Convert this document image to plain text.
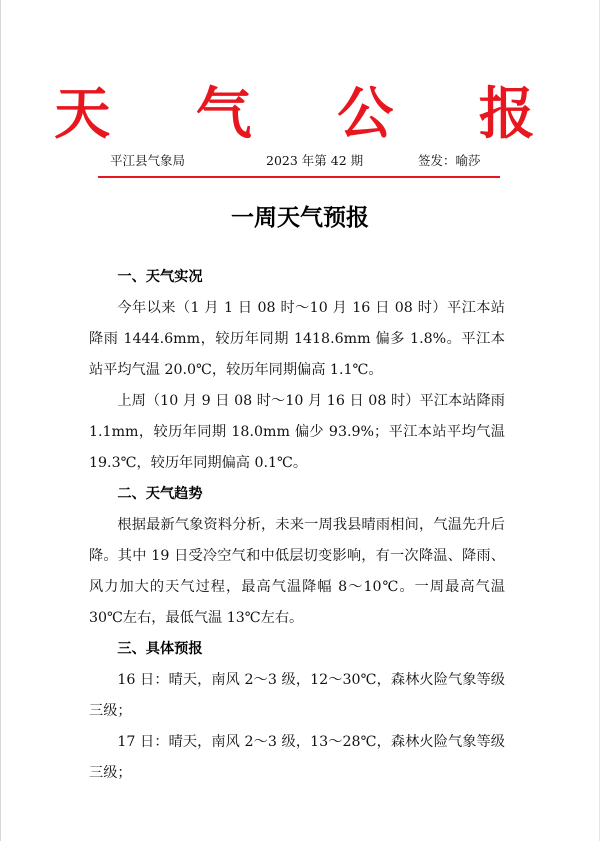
天 气 公 报
平江县气象局	2023 年第 42 期	签发：喻莎
一周天气预报

一、天气实况

今年以来（1 月 1 日 08 时～10 月 16 日 08 时）平江本站降雨 1444.6mm，较历年同期 1418.6mm 偏多 1.8%。平江本站平均气温 20.0℃，较历年同期偏高 1.1℃。

上周（10 月 9 日 08 时～10 月 16 日 08 时）平江本站降雨 1.1mm，较历年同期 18.0mm 偏少 93.9%；平江本站平均气温 19.3℃，较历年同期偏高 0.1℃。

二、天气趋势

根据最新气象资料分析，未来一周我县晴雨相间，气温先升后降。其中 19 日受冷空气和中低层切变影响，有一次降温、降雨、风力加大的天气过程，最高气温降幅 8～10℃。一周最高气温 30℃左右，最低气温 13℃左右。

三、具体预报

16 日：晴天，南风 2～3 级，12～30℃，森林火险气象等级三级；

17 日：晴天，南风 2～3 级，13～28℃，森林火险气象等级三级；
